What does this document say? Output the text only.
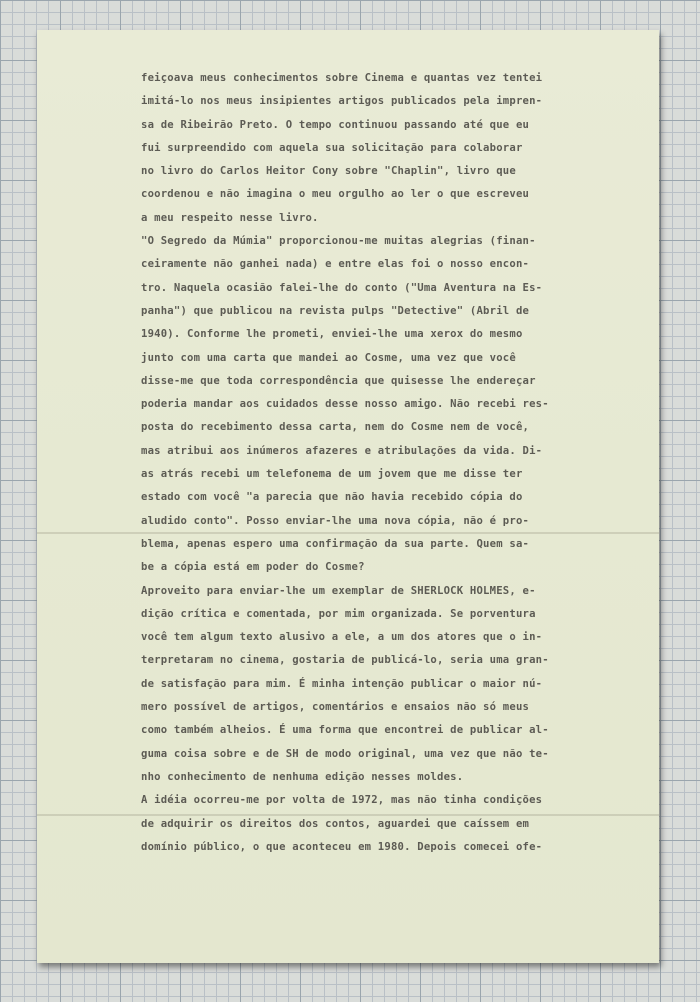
feiçoava meus conhecimentos sobre Cinema e quantas vez tentei
imitá-lo nos meus insipientes artigos publicados pela impren-
sa de Ribeirão Preto. O tempo continuou passando até que eu
fui surpreendido com aquela sua solicitação para colaborar
no livro do Carlos Heitor Cony sobre "Chaplin", livro que
coordenou e não imagina o meu orgulho ao ler o que escreveu
a meu respeito nesse livro.
"O Segredo da Múmia" proporcionou-me muitas alegrias (finan-
ceiramente não ganhei nada) e entre elas foi o nosso encon-
tro. Naquela ocasião falei-lhe do conto ("Uma Aventura na Es-
panha") que publicou na revista pulps "Detective" (Abril de
1940). Conforme lhe prometi, enviei-lhe uma xerox do mesmo
junto com uma carta que mandei ao Cosme, uma vez que você
disse-me que toda correspondência que quisesse lhe endereçar
poderia mandar aos cuidados desse nosso amigo. Não recebi res-
posta do recebimento dessa carta, nem do Cosme nem de você,
mas atribui aos inúmeros afazeres e atribulações da vida. Di-
as atrás recebi um telefonema de um jovem que me disse ter
estado com você "a parecia que não havia recebido cópia do
aludido conto". Posso enviar-lhe uma nova cópia, não é pro-
blema, apenas espero uma confirmação da sua parte. Quem sa-
be a cópia está em poder do Cosme?
Aproveito para enviar-lhe um exemplar de SHERLOCK HOLMES, e-
dição crítica e comentada, por mim organizada. Se porventura
você tem algum texto alusivo a ele, a um dos atores que o in-
terpretaram no cinema, gostaria de publicá-lo, seria uma gran-
de satisfação para mim. É minha intenção publicar o maior nú-
mero possível de artigos, comentários e ensaios não só meus
como também alheios. É uma forma que encontrei de publicar al-
guma coisa sobre e de SH de modo original, uma vez que não te-
nho conhecimento de nenhuma edição nesses moldes.
A idéia ocorreu-me por volta de 1972, mas não tinha condições
de adquirir os direitos dos contos, aguardei que caíssem em
domínio público, o que aconteceu em 1980. Depois comecei ofe-
